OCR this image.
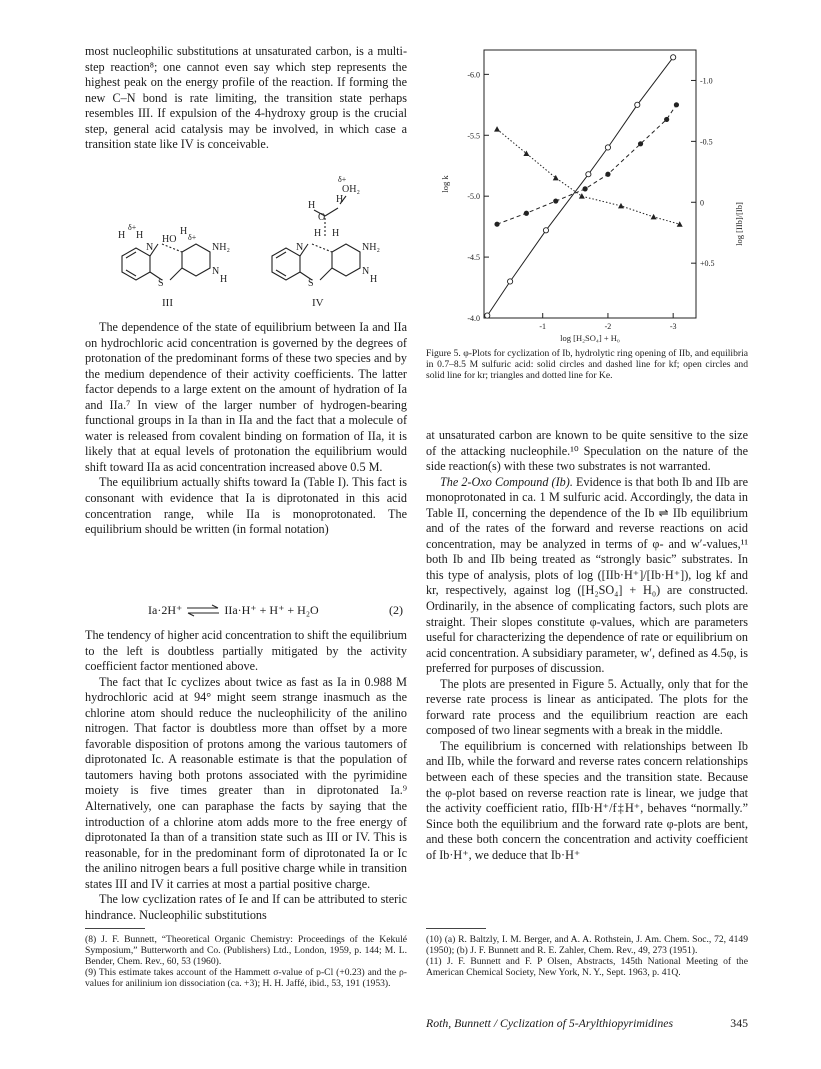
most nucleophilic substitutions at unsaturated carbon, is a multi-step reaction⁸; one cannot even say which step represents the highest peak on the energy profile of the reaction. If forming the new C–N bond is rate limiting, the transition state perhaps resembles III. If expulsion of the 4-hydroxy group is the crucial step, general acid catalysis may be involved, in which case a transition state like IV is conceivable.

H
δ+
H
N
HO
H
δ+
NH₂
N
H
S
H
O
H
OH₂
δ+
H H
N	NH₂
N
H
S
III	IV

The dependence of the state of equilibrium between Ia and IIa on hydrochloric acid concentration is governed by the degrees of protonation of the predominant forms of these two species and by the medium dependence of their activity coefficients. The latter factor depends to a large extent on the amount of hydration of Ia and IIa.⁷ In view of the larger number of hydrogen-bearing functional groups in Ia than in IIa and the fact that a molecule of water is released from covalent binding on formation of IIa, it is likely that at equal levels of protonation the equilibrium would shift toward IIa as acid concentration increased above 0.5 M.

The equilibrium actually shifts toward Ia (Table I). This fact is consonant with evidence that Ia is diprotonated in this acid concentration range, while IIa is monoprotonated. The equilibrium should be written (in formal notation)

Ia·2H⁺ ⇌ IIa·H⁺ + H⁺ + H₂O	(2)

The tendency of higher acid concentration to shift the equilibrium to the left is doubtless partially mitigated by the activity coefficient factor mentioned above.

The fact that Ic cyclizes about twice as fast as Ia in 0.988 M hydrochloric acid at 94° might seem strange inasmuch as the chlorine atom should reduce the nucleophilicity of the anilino nitrogen. That factor is doubtless more than offset by a more favorable disposition of protons among the various tautomers of diprotonated Ic. A reasonable estimate is that the population of tautomers having both protons associated with the pyrimidine moiety is five times greater than in diprotonated Ia.⁹ Alternatively, one can paraphase the facts by saying that the introduction of a chlorine atom adds more to the free energy of diprotonated Ia than of a transition state such as III or IV. This is reasonable, for in the predominant form of diprotonated Ia or Ic the anilino nitrogen bears a full positive charge while in transition states III and IV it carries at most a partial positive charge.

The low cyclization rates of Ie and If can be attributed to steric hindrance. Nucleophilic substitutions

-4.0
-4.5
-5.0
-5.5
-6.0
-1.0
-0.5
0
+0.5
-1	-2	-3
log [H₂SO₄] + H₀
log k
log [IIb]/[Ib]
Figure 5. φ-Plots for cyclization of Ib, hydrolytic ring opening of IIb, and equilibria in 0.7–8.5 M sulfuric acid: solid circles and dashed line for kf; open circles and solid line for kr; triangles and dotted line for Ke.

at unsaturated carbon are known to be quite sensitive to the size of the attacking nucleophile.¹⁰ Speculation on the nature of the side reaction(s) with these two substrates is not warranted.

The 2-Oxo Compound (Ib). Evidence is that both Ib and IIb are monoprotonated in ca. 1 M sulfuric acid. Accordingly, the data in Table II, concerning the dependence of the Ib ⇌ IIb equilibrium and of the rates of the forward and reverse reactions on acid concentration, may be analyzed in terms of φ- and w′-values,¹¹ both Ib and IIb being treated as “strongly basic” substrates. In this type of analysis, plots of log ([IIb·H⁺]/[Ib·H⁺]), log kf and kr, respectively, against log ([H₂SO₄] + H₀) are constructed. Ordinarily, in the absence of complicating factors, such plots are straight. Their slopes constitute φ-values, which are parameters useful for characterizing the dependence of rate or equilibrium on acid concentration. A subsidiary parameter, w′, defined as 4.5φ, is preferred for purposes of discussion.

The plots are presented in Figure 5. Actually, only that for the reverse rate process is linear as anticipated. The plots for the forward rate process and the equilibrium reaction are each composed of two linear segments with a break in the middle.

The equilibrium is concerned with relationships between Ib and IIb, while the forward and reverse rates concern relationships between each of these species and the transition state. Because the φ-plot based on reverse reaction rate is linear, we judge that the activity coefficient ratio, fIIb·H⁺/f‡H⁺, behaves “normally.” Since both the equilibrium and the forward rate φ-plots are bent, and these both concern the concentration and activity coefficient of Ib·H⁺, we deduce that Ib·H⁺

(8) J. F. Bunnett, “Theoretical Organic Chemistry: Proceedings of the Kekulé Symposium,” Butterworth and Co. (Publishers) Ltd., London, 1959, p. 144; M. L. Bender, Chem. Rev., 60, 53 (1960).

(9) This estimate takes account of the Hammett σ-value of p-Cl (+0.23) and the ρ-values for anilinium ion dissociation (ca. +3); H. H. Jaffé, ibid., 53, 191 (1953).

(10) (a) R. Baltzly, I. M. Berger, and A. A. Rothstein, J. Am. Chem. Soc., 72, 4149 (1950); (b) J. F. Bunnett and R. E. Zahler, Chem. Rev., 49, 273 (1951).

(11) J. F. Bunnett and F. P Olsen, Abstracts, 145th National Meeting of the American Chemical Society, New York, N. Y., Sept. 1963, p. 41Q.

Roth, Bunnett / Cyclization of 5-Arylthiopyrimidines	345
